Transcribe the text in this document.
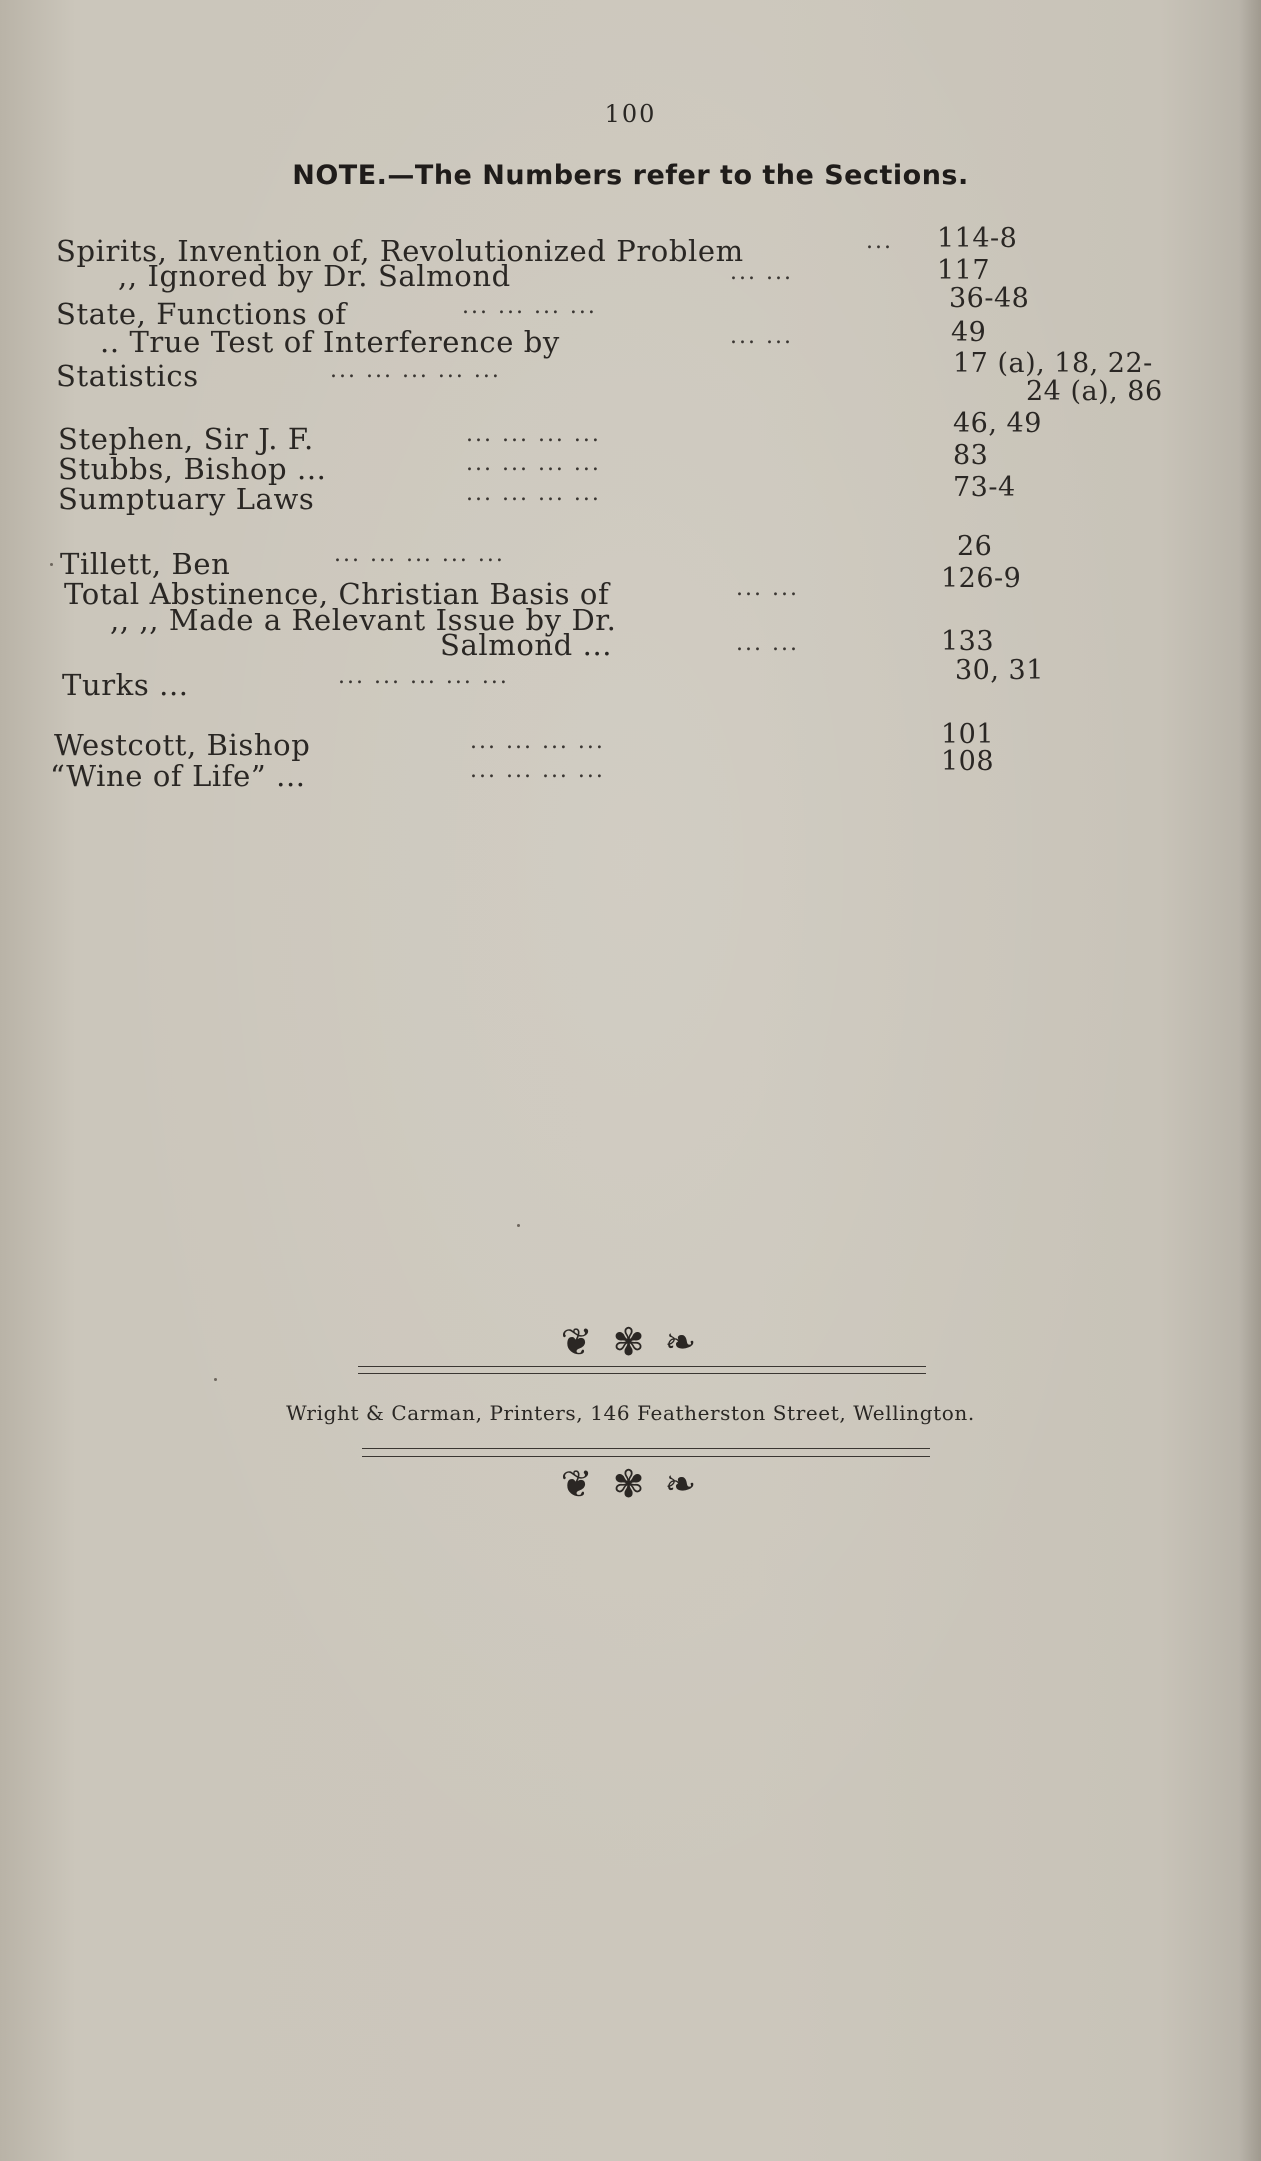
100
NOTE.—The Numbers refer to the Sections.
Spirits, Invention of, Revolutionized Problem	... 114-8
,, Ignored by Dr. Salmond	... ...	117
State, Functions of	... ... ... ...	36-48
.. True Test of Interference by	... ...	49
Statistics	... ... ... ... ...	17 (a), 18, 22-
24 (a), 86
Stephen, Sir J. F.	... ... ... ...	46, 49
Stubbs, Bishop ...	... ... ... ...	83
Sumptuary Laws	... ... ... ...	73-4
Tillett, Ben	... ... ... ... ...	26
Total Abstinence, Christian Basis of	... ...	126-9
,, ,, Made a Relevant Issue by Dr.
Salmond ...	... ...	133
Turks ...	... ... ... ... ...	30, 31
Westcott, Bishop	... ... ... ...	101
“Wine of Life” ...	... ... ... ...	108
❦ ✾ ❧
Wright & Carman, Printers, 146 Featherston Street, Wellington.
❦ ✾ ❧
